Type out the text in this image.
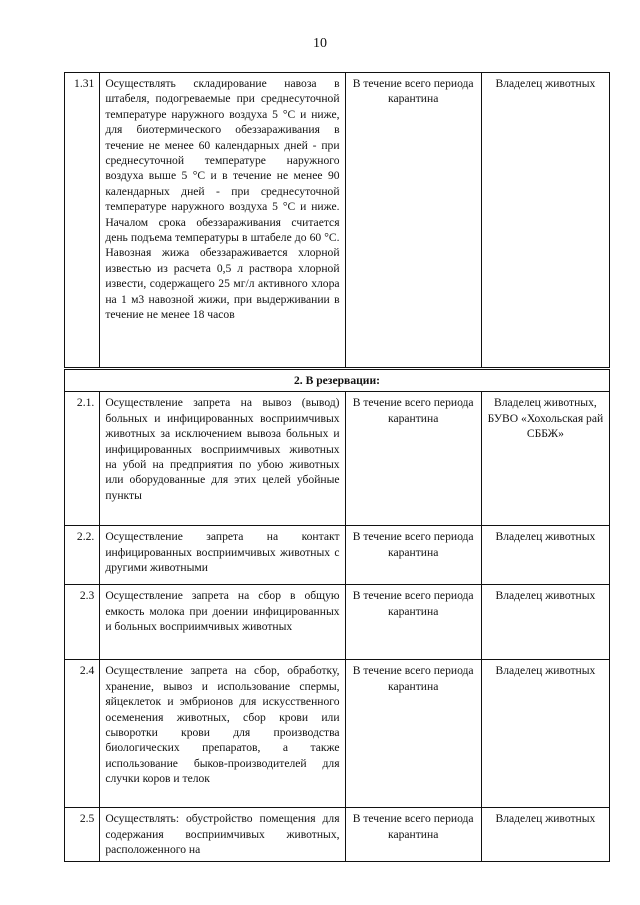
10
1.31	Осуществлять складирование навоза в штабеля, подогреваемые при среднесуточной температуре наружного воздуха 5 °С и ниже, для биотермического обеззараживания в течение не менее 60 календарных дней - при среднесуточной температуре наружного воздуха выше 5 °С и в течение не менее 90 календарных дней - при среднесуточной температуре наружного воздуха 5 °С и ниже. Началом срока обеззараживания считается день подъема температуры в штабеле до 60 °С. Навозная жижа обеззараживается хлорной известью из расчета 0,5 л раствора хлорной извести, содержащего 25 мг/л активного хлора на 1 м3 навозной жижи, при выдерживании в течение не менее 18 часов	В течение всего периода карантина	Владелец животных
2. В резервации:			
2.1.	Осуществление запрета на вывоз (вывод) больных и инфицированных восприимчивых животных за исключением вывоза больных и инфицированных восприимчивых животных на убой на предприятия по убою животных или оборудованные для этих целей убойные пункты	В течение всего периода карантина	Владелец животных, БУВО «Хохольская рай СББЖ»
2.2.	Осуществление запрета на контакт инфицированных восприимчивых животных с другими животными	В течение всего периода карантина	Владелец животных
2.3	Осуществление запрета на сбор в общую емкость молока при доении инфицированных и больных восприимчивых животных	В течение всего периода карантина	Владелец животных
2.4	Осуществление запрета на сбор, обработку, хранение, вывоз и использование спермы, яйцеклеток и эмбрионов для искусственного осеменения животных, сбор крови или сыворотки крови для производства биологических препаратов, а также использование быков-производителей для случки коров и телок	В течение всего периода карантина	Владелец животных
2.5	Осуществлять: обустройство помещения для содержания восприимчивых животных, расположенного на	В течение всего периода карантина	Владелец животных
